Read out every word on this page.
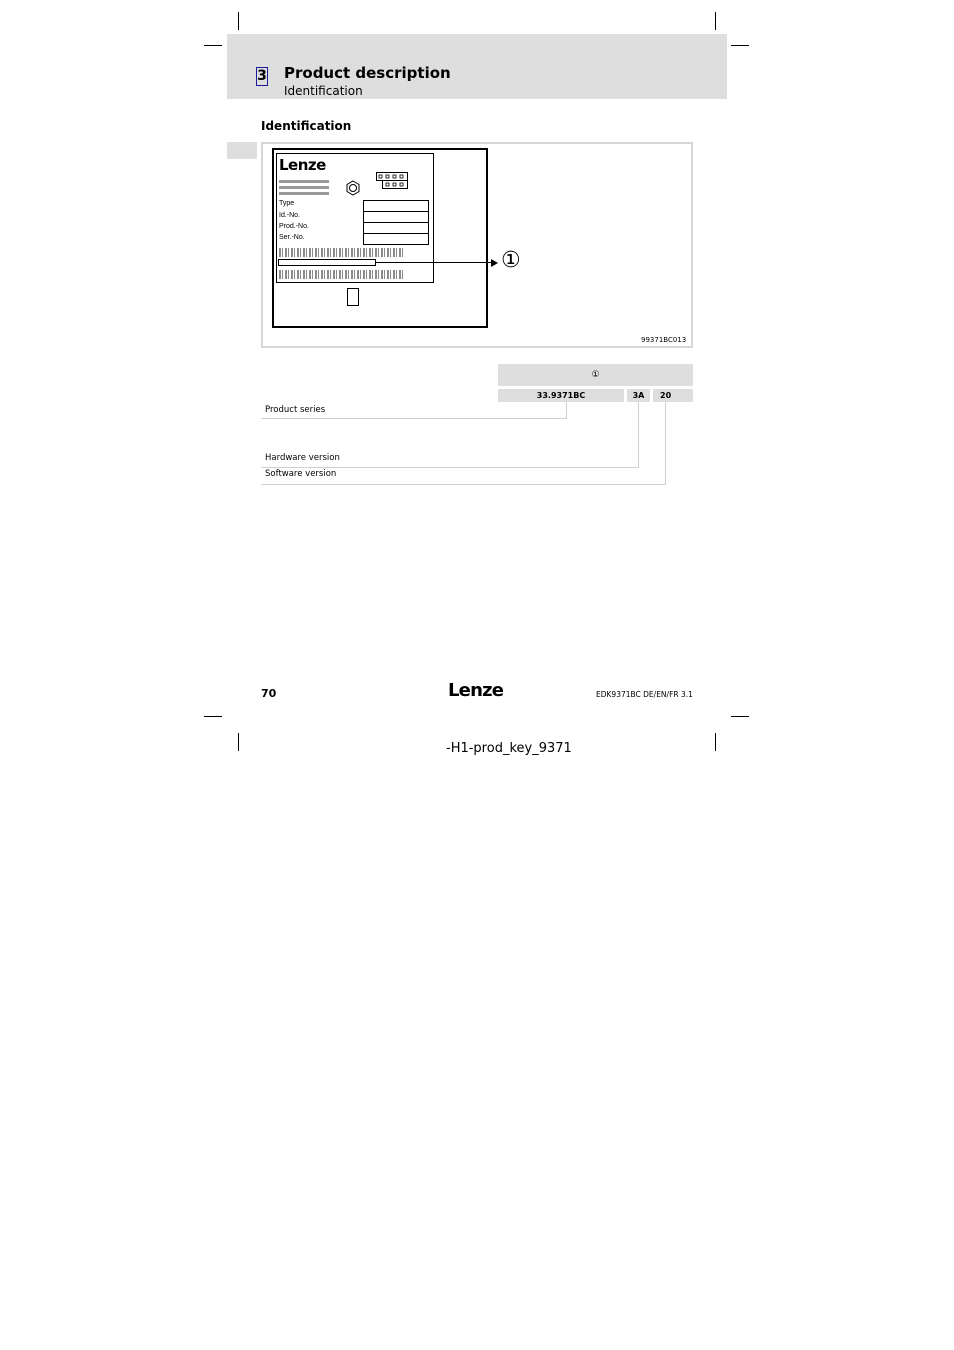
3 Product description
Identification
Identification
Lenze
Type
Id.-No.
Prod.-No.
Ser.-No.
①
99371BC013
①
33.9371BC	3A	20
Product series
Hardware version
Software version
70	Lenze	EDK9371BC DE/EN/FR 3.1
-H1-prod_key_9371
